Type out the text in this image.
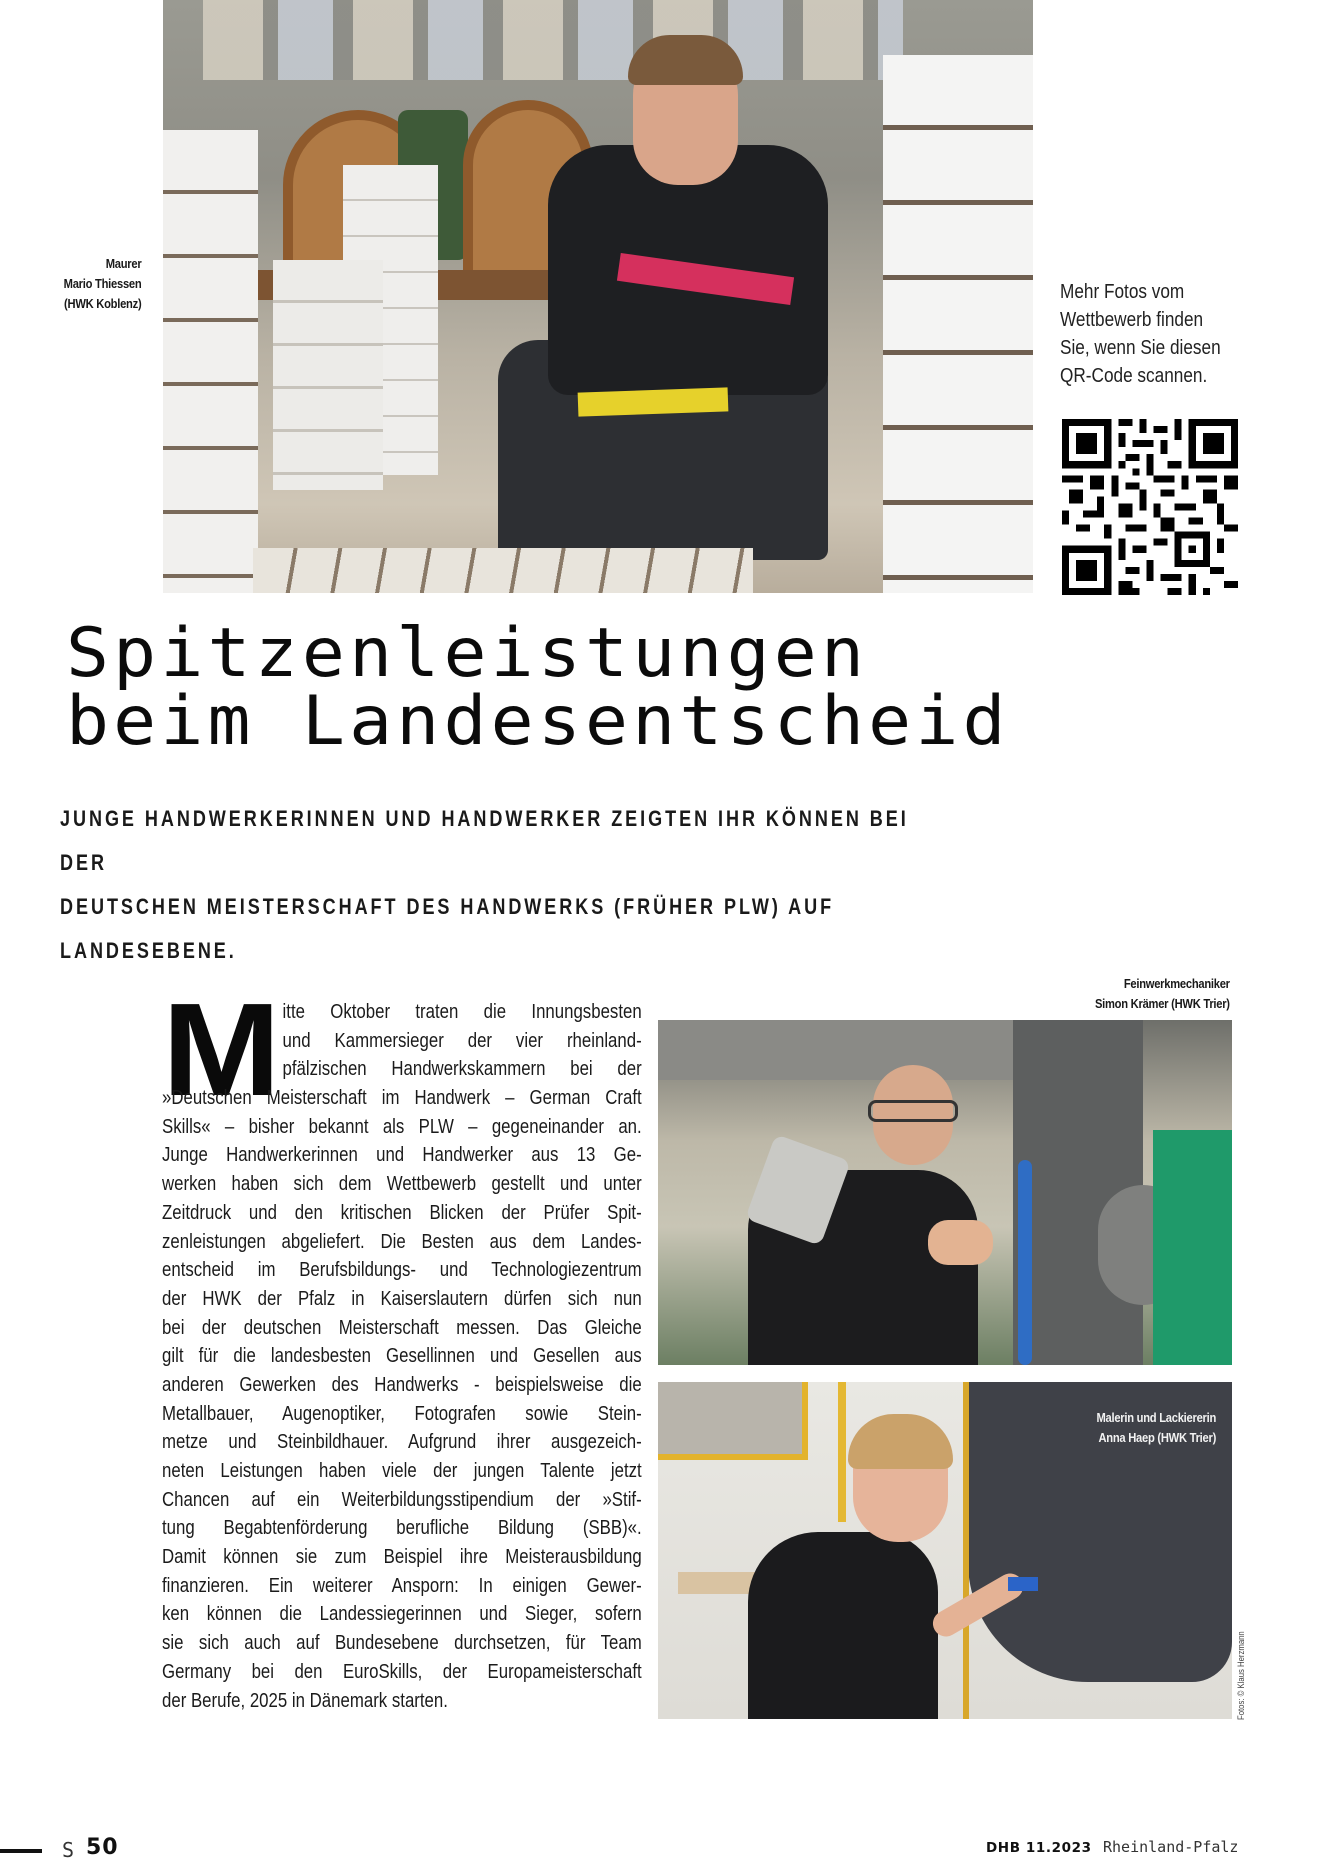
Maurer
Mario Thiessen
(HWK Koblenz)
Mehr Fotos vom
Wettbewerb finden
Sie, wenn Sie diesen
QR-Code scannen.
Spitzenleistungen
beim Landesentscheid
JUNGE HANDWERKERINNEN UND HANDWERKER ZEIGTEN IHR KÖNNEN BEI DER
DEUTSCHEN MEISTERSCHAFT DES HANDWERKS (FRÜHER PLW) AUF LANDESEBENE.
M itte Oktober traten die Innungsbesten
und Kammersieger der vier rheinland-
pfälzischen Handwerkskammern bei der
»Deutschen Meisterschaft im Handwerk – German Craft
Skills« – bisher bekannt als PLW – gegeneinander an.
Junge Handwerkerinnen und Handwerker aus 13 Ge-
werken haben sich dem Wettbewerb gestellt und unter
Zeitdruck und den kritischen Blicken der Prüfer Spit-
zenleistungen abgeliefert. Die Besten aus dem Landes-
entscheid im Berufsbildungs- und Technologiezentrum
der HWK der Pfalz in Kaiserslautern dürfen sich nun
bei der deutschen Meisterschaft messen. Das Gleiche
gilt für die landesbesten Gesellinnen und Gesellen aus
anderen Gewerken des Handwerks - beispielsweise die
Metallbauer, Augenoptiker, Fotografen sowie Stein-
metze und Steinbildhauer. Aufgrund ihrer ausgezeich-
neten Leistungen haben viele der jungen Talente jetzt
Chancen auf ein Weiterbildungsstipendium der »Stif-
tung Begabtenförderung berufliche Bildung (SBB)«.
Damit können sie zum Beispiel ihre Meisterausbildung
finanzieren. Ein weiterer Ansporn: In einigen Gewer-
ken können die Landessiegerinnen und Sieger, sofern
sie sich auch auf Bundesebene durchsetzen, für Team
Germany bei den EuroSkills, der Europameisterschaft
der Berufe, 2025 in Dänemark starten.
Feinwerkmechaniker
Simon Krämer (HWK Trier)
Malerin und Lackiererin
Anna Haep (HWK Trier)
Fotos: © Klaus Herzmann
S 50	DHB 11.2023 Rheinland-Pfalz
